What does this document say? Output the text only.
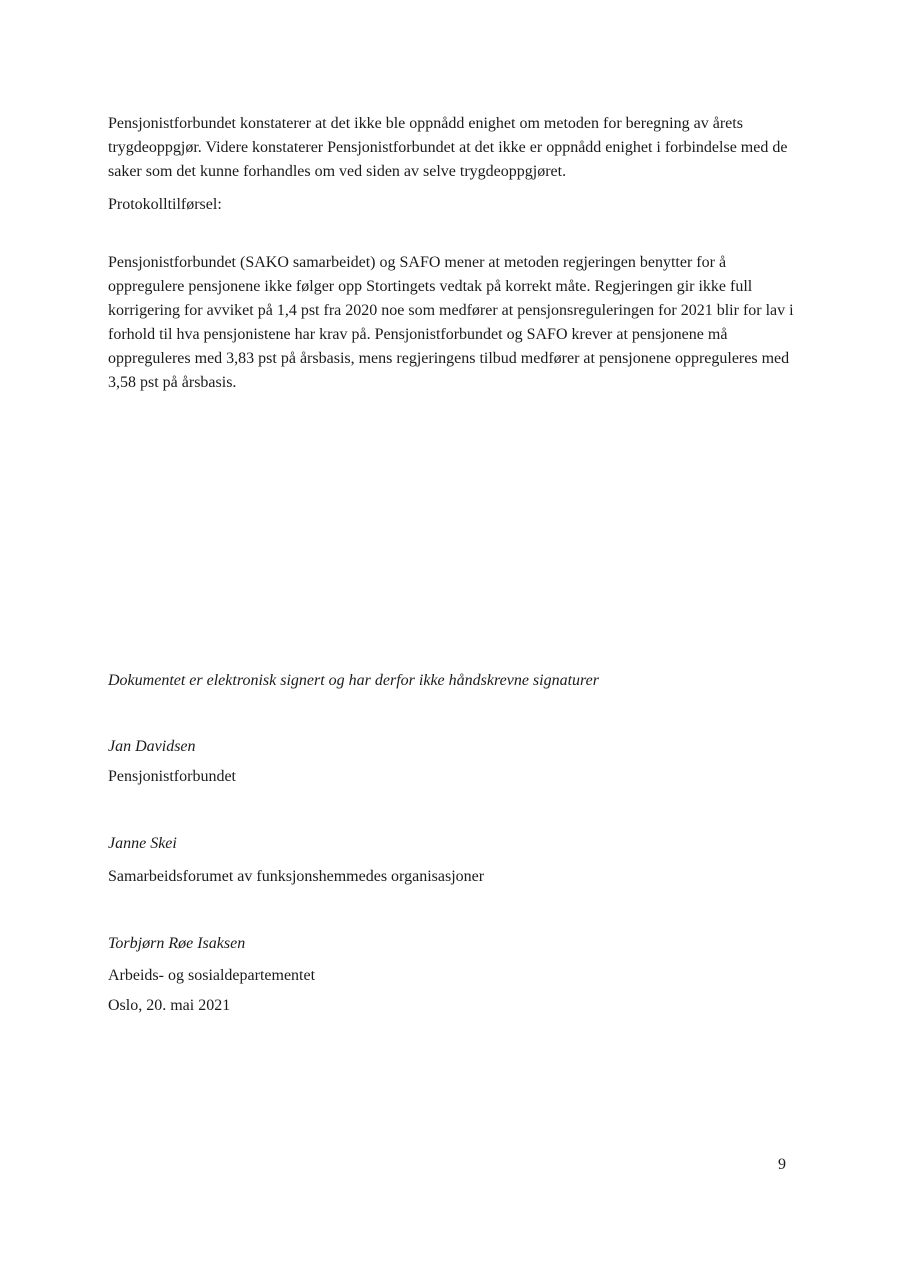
Pensjonistforbundet konstaterer at det ikke ble oppnådd enighet om metoden for beregning av årets trygdeoppgjør. Videre konstaterer Pensjonistforbundet at det ikke er oppnådd enighet i forbindelse med de saker som det kunne forhandles om ved siden av selve trygdeoppgjøret.

Protokolltilførsel:

Pensjonistforbundet (SAKO samarbeidet) og SAFO mener at metoden regjeringen benytter for å oppregulere pensjonene ikke følger opp Stortingets vedtak på korrekt måte. Regjeringen gir ikke full korrigering for avviket på 1,4 pst fra 2020 noe som medfører at pensjonsreguleringen for 2021 blir for lav i forhold til hva pensjonistene har krav på. Pensjonistforbundet og SAFO krever at pensjonene må oppreguleres med 3,83 pst på årsbasis, mens regjeringens tilbud medfører at pensjonene oppreguleres med 3,58 pst på årsbasis.

Dokumentet er elektronisk signert og har derfor ikke håndskrevne signaturer

Jan Davidsen

Pensjonistforbundet

Janne Skei

Samarbeidsforumet av funksjonshemmedes organisasjoner

Torbjørn Røe Isaksen

Arbeids- og sosialdepartementet

Oslo, 20. mai 2021

9
